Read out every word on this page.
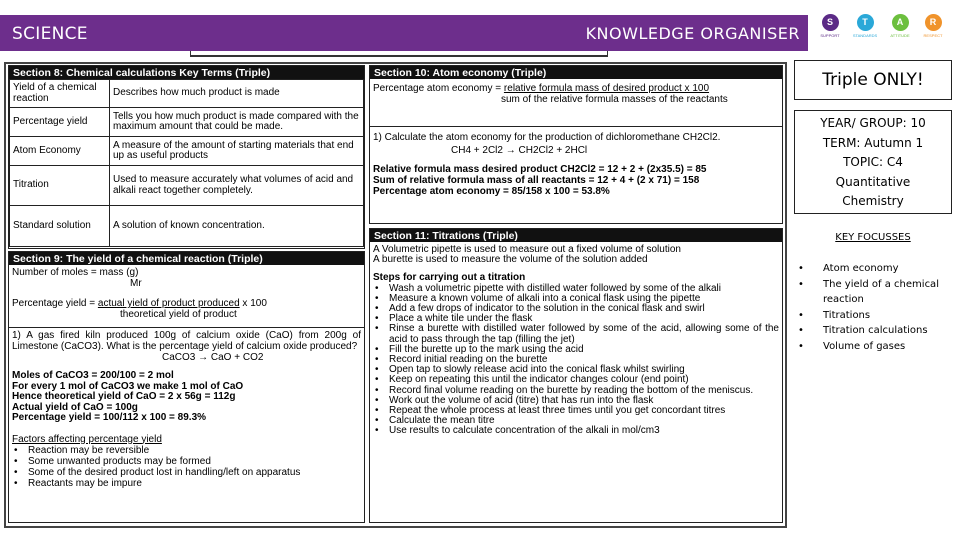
SCIENCE	KNOWLEDGE ORGANISER
S
SUPPORT
T
STANDARDS
A
ATTITUDE
R
RESPECT
Section 8: Chemical calculations Key Terms (Triple)
Yield of a chemical reaction	Describes how much product is made
Percentage yield	Tells you how much product is made compared with the maximum amount that could be made.
Atom Economy	A measure of the amount of starting materials that end up as useful products
Titration	Used to measure accurately what volumes of acid and alkali react together completely.
Standard solution	A solution of known concentration.
Section 9: The yield of a chemical reaction (Triple)
Number of moles = mass (g)
Mr
Percentage yield = actual yield of product produced x 100
theoretical yield of product
1) A gas fired kiln produced 100g of calcium oxide (CaO) from 200g of Limestone (CaCO3). What is the percentage yield of calcium oxide produced?
CaCO3 → CaO + CO2
Moles of CaCO3 = 200/100 = 2 mol
For every 1 mol of CaCO3 we make 1 mol of CaO
Hence theoretical yield of CaO = 2 x 56g = 112g
Actual yield of CaO = 100g
Percentage yield = 100/112 x 100 = 89.3%
Factors affecting percentage yield
• Reaction may be reversible
• Some unwanted products may be formed
• Some of the desired product lost in handling/left on apparatus
• Reactants may be impure
Section 10: Atom economy (Triple)
Percentage atom economy = relative formula mass of desired product x 100
sum of the relative formula masses of the reactants
1) Calculate the atom economy for the production of dichloromethane CH2Cl2.
CH4 + 2Cl2 → CH2Cl2 + 2HCl
Relative formula mass desired product CH2Cl2 = 12 + 2 + (2x35.5) = 85
Sum of relative formula mass of all reactants = 12 + 4 + (2 x 71) = 158
Percentage atom economy = 85/158 x 100 = 53.8%
Section 11: Titrations (Triple)
A Volumetric pipette is used to measure out a fixed volume of solution
A burette is used to measure the volume of the solution added
Steps for carrying out a titration
• Wash a volumetric pipette with distilled water followed by some of the alkali
• Measure a known volume of alkali into a conical flask using the pipette
• Add a few drops of indicator to the solution in the conical flask and swirl
• Place a white tile under the flask
• Rinse a burette with distilled water followed by some of the acid, allowing some of the acid to pass through the tap (filling the jet)
• Fill the burette up to the mark using the acid
• Record initial reading on the burette
• Open tap to slowly release acid into the conical flask whilst swirling
• Keep on repeating this until the indicator changes colour (end point)
• Record final volume reading on the burette by reading the bottom of the meniscus.
• Work out the volume of acid (titre) that has run into the flask
• Repeat the whole process at least three times until you get concordant titres
• Calculate the mean titre
• Use results to calculate concentration of the alkali in mol/cm3
Triple ONLY!
YEAR/ GROUP: 10
TERM: Autumn 1
TOPIC: C4
Quantitative
Chemistry
KEY FOCUSSES
• Atom economy
• The yield of a chemical reaction
• Titrations
• Titration calculations
• Volume of gases
